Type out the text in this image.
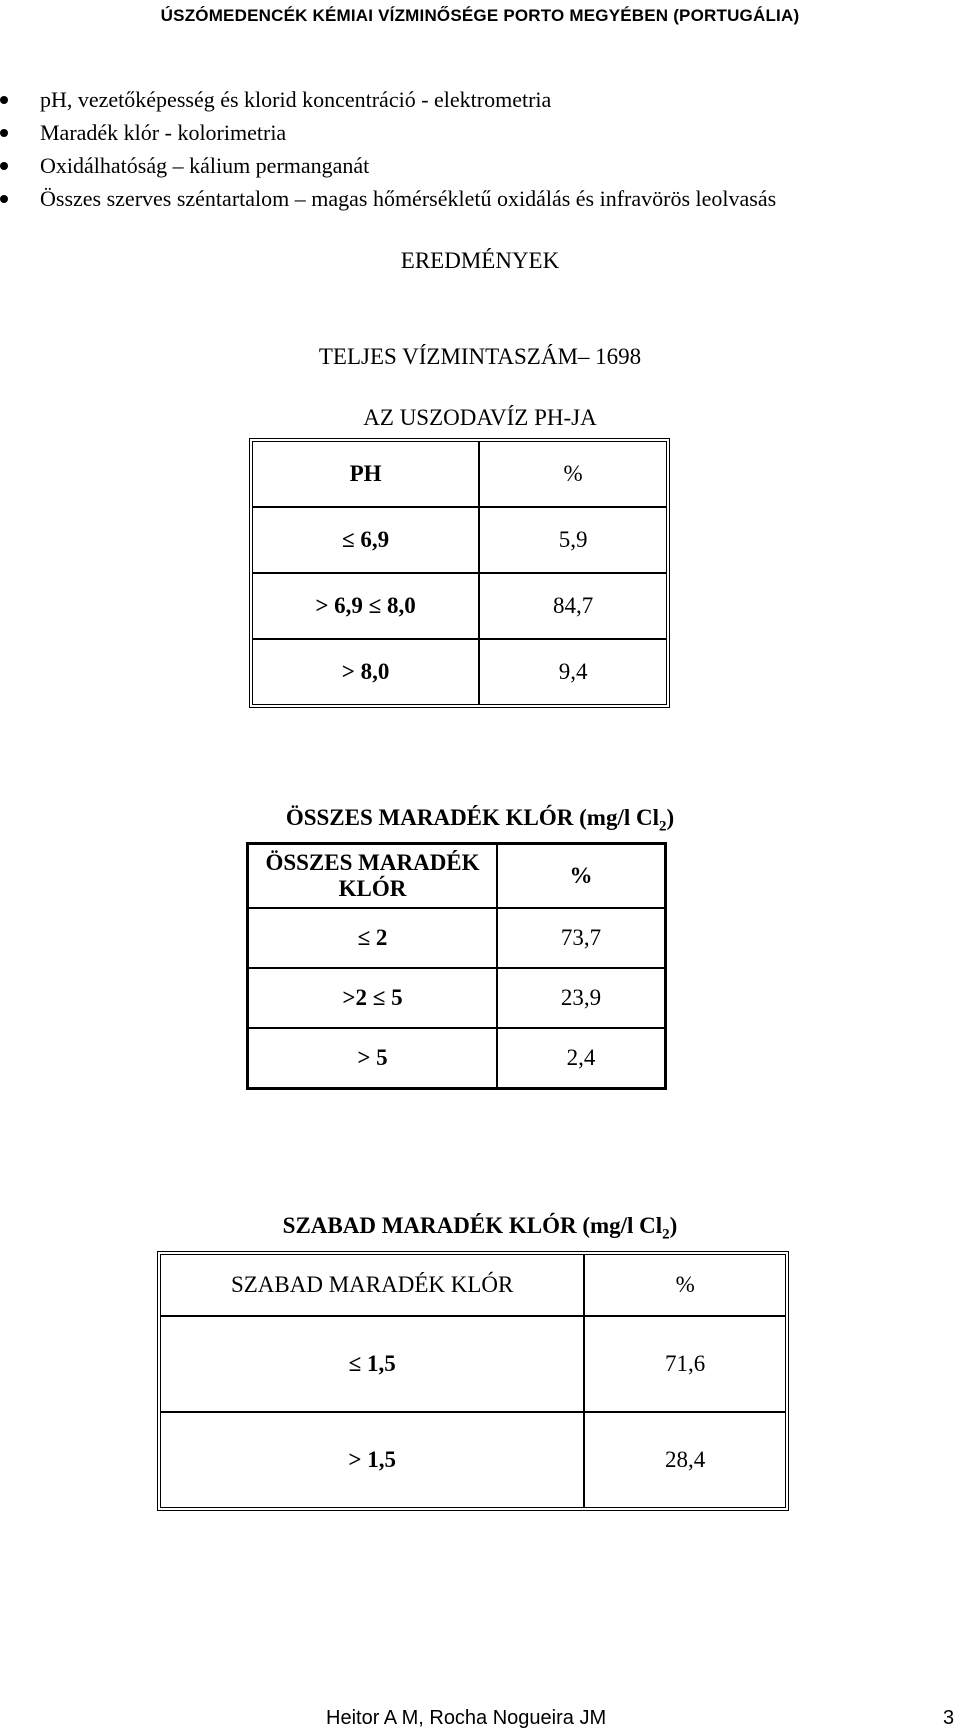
ÚSZÓMEDENCÉK KÉMIAI VÍZMINŐSÉGE PORTO MEGYÉBEN (PORTUGÁLIA)
pH, vezetőképesség és klorid koncentráció - elektrometria
Maradék klór - kolorimetria
Oxidálhatóság – kálium permanganát
Összes szerves széntartalom – magas hőmérsékletű oxidálás és infravörös leolvasás
EREDMÉNYEK
TELJES VÍZMINTASZÁM– 1698
AZ USZODAVÍZ PH-JA
PH	%
≤ 6,9	5,9
> 6,9 ≤ 8,0	84,7
> 8,0	9,4
ÖSSZES MARADÉK KLÓR (mg/l $Cl_2$)
ÖSSZES MARADÉK
KLÓR	%
≤ 2	73,7
>2 ≤ 5	23,9
> 5	2,4
SZABAD MARADÉK KLÓR (mg/l $Cl_2$)
SZABAD MARADÉK KLÓR	%
≤ 1,5	71,6
> 1,5	28,4
Heitor A M, Rocha Nogueira JM	3
